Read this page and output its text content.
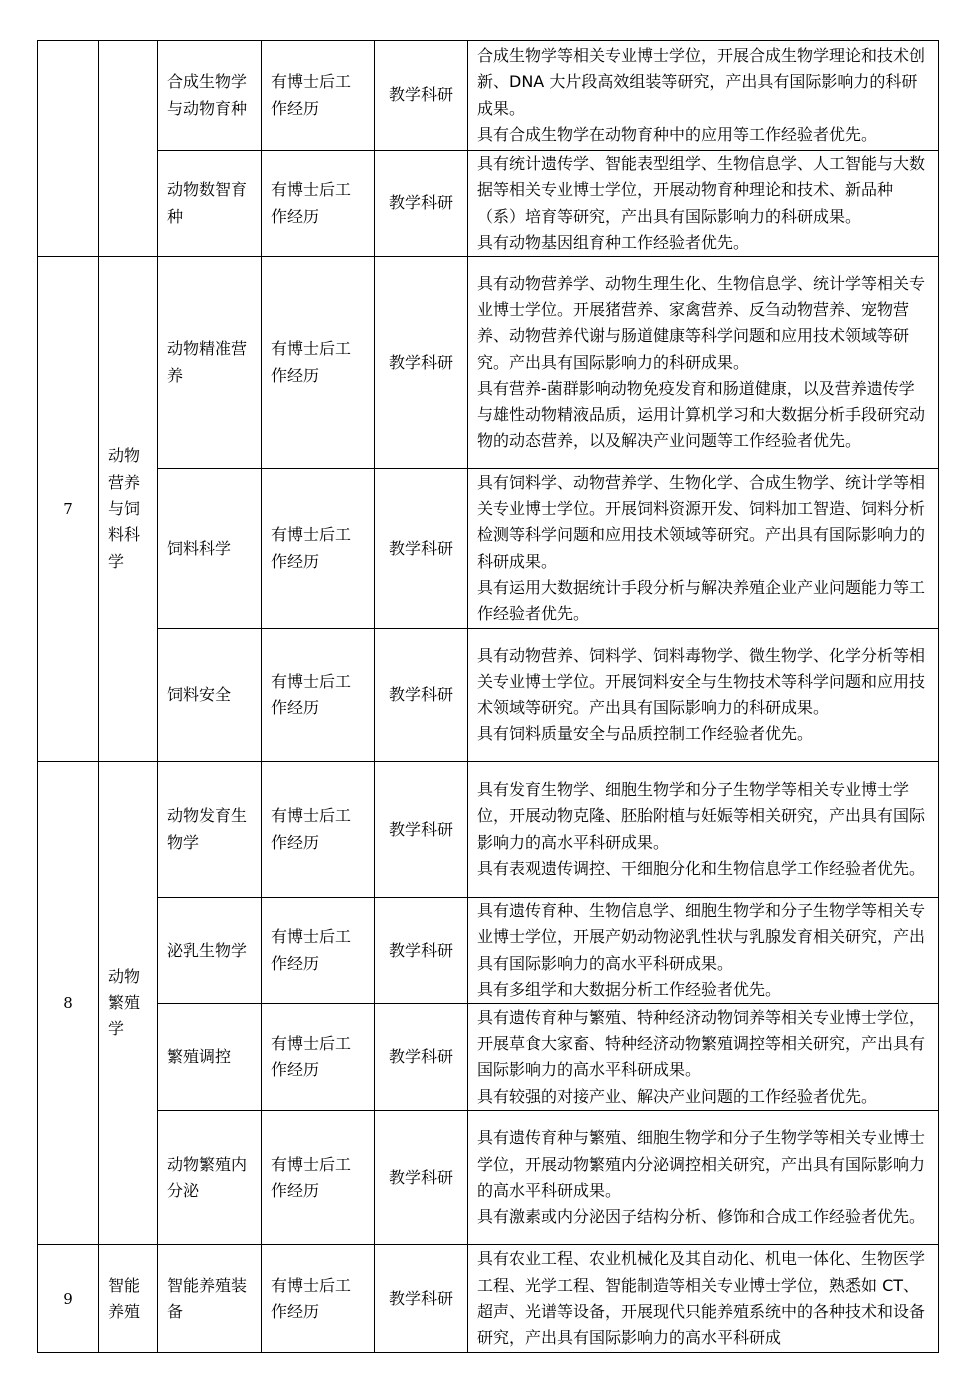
		合成生物学与动物育种	有博士后工作经历	教学科研	合成生物学等相关专业博士学位，开展合成生物学理论和技术创新、DNA 大片段高效组装等研究，产出具有国际影响力的科研成果。
具有合成生物学在动物育种中的应用等工作经验者优先。

		动物数智育种	有博士后工作经历	教学科研	具有统计遗传学、智能表型组学、生物信息学、人工智能与大数据等相关专业博士学位，开展动物育种理论和技术、新品种（系）培育等研究，产出具有国际影响力的科研成果。
具有动物基因组育种工作经验者优先。

7	动物营养与饲料科学	动物精准营养	有博士后工作经历	教学科研	具有动物营养学、动物生理生化、生物信息学、统计学等相关专业博士学位。开展猪营养、家禽营养、反刍动物营养、宠物营养、动物营养代谢与肠道健康等科学问题和应用技术领域等研究。产出具有国际影响力的科研成果。
具有营养-菌群影响动物免疫发育和肠道健康，以及营养遗传学与雄性动物精液品质，运用计算机学习和大数据分析手段研究动物的动态营养，以及解决产业问题等工作经验者优先。

		饲料科学	有博士后工作经历	教学科研	具有饲料学、动物营养学、生物化学、合成生物学、统计学等相关专业博士学位。开展饲料资源开发、饲料加工智造、饲料分析检测等科学问题和应用技术领域等研究。产出具有国际影响力的科研成果。
具有运用大数据统计手段分析与解决养殖企业产业问题能力等工作经验者优先。

		饲料安全	有博士后工作经历	教学科研	具有动物营养、饲料学、饲料毒物学、微生物学、化学分析等相关专业博士学位。开展饲料安全与生物技术等科学问题和应用技术领域等研究。产出具有国际影响力的科研成果。
具有饲料质量安全与品质控制工作经验者优先。

8	动物繁殖学	动物发育生物学	有博士后工作经历	教学科研	具有发育生物学、细胞生物学和分子生物学等相关专业博士学位，开展动物克隆、胚胎附植与妊娠等相关研究，产出具有国际影响力的高水平科研成果。
具有表观遗传调控、干细胞分化和生物信息学工作经验者优先。

		泌乳生物学	有博士后工作经历	教学科研	具有遗传育种、生物信息学、细胞生物学和分子生物学等相关专业博士学位，开展产奶动物泌乳性状与乳腺发育相关研究，产出具有国际影响力的高水平科研成果。
具有多组学和大数据分析工作经验者优先。

		繁殖调控	有博士后工作经历	教学科研	具有遗传育种与繁殖、特种经济动物饲养等相关专业博士学位，开展草食大家畜、特种经济动物繁殖调控等相关研究，产出具有国际影响力的高水平科研成果。
具有较强的对接产业、解决产业问题的工作经验者优先。

		动物繁殖内分泌	有博士后工作经历	教学科研	具有遗传育种与繁殖、细胞生物学和分子生物学等相关专业博士学位，开展动物繁殖内分泌调控相关研究，产出具有国际影响力的高水平科研成果。
具有激素或内分泌因子结构分析、修饰和合成工作经验者优先。

9	智能养殖	智能养殖装备	有博士后工作经历	教学科研	具有农业工程、农业机械化及其自动化、机电一体化、生物医学工程、光学工程、智能制造等相关专业博士学位，熟悉如 CT、超声、光谱等设备，开展现代只能养殖系统中的各种技术和设备研究，产出具有国际影响力的高水平科研成
